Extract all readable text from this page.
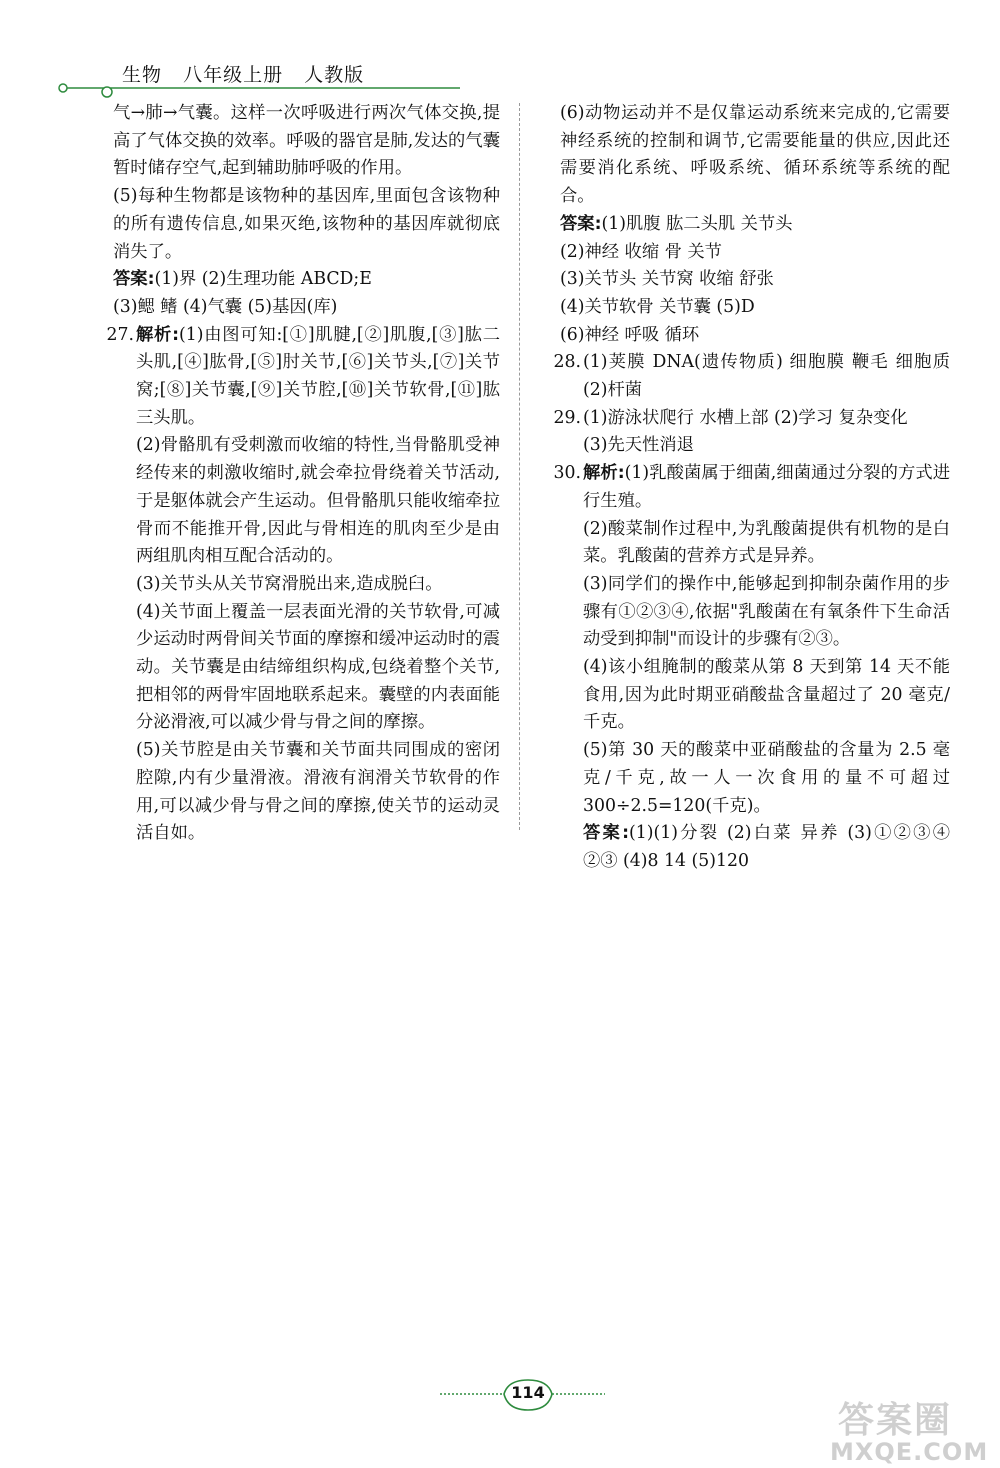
生物 八年级上册 人教版

气→肺→气囊。这样一次呼吸进行两次气体交换,提高了气体交换的效率。呼吸的器官是肺,发达的气囊暂时储存空气,起到辅助肺呼吸的作用。

(5)每种生物都是该物种的基因库,里面包含该物种的所有遗传信息,如果灭绝,该物种的基因库就彻底消失了。

答案:(1)界 (2)生理功能 ABCD;E

(3)鳃 鳍 (4)气囊 (5)基因(库)

27. 解析:(1)由图可知:[①]肌腱,[②]肌腹,[③]肱二头肌,[④]肱骨,[⑤]肘关节,[⑥]关节头,[⑦]关节窝;[⑧]关节囊,[⑨]关节腔,[⑩]关节软骨,[⑪]肱三头肌。

(2)骨骼肌有受刺激而收缩的特性,当骨骼肌受神经传来的刺激收缩时,就会牵拉骨绕着关节活动,于是躯体就会产生运动。但骨骼肌只能收缩牵拉骨而不能推开骨,因此与骨相连的肌肉至少是由两组肌肉相互配合活动的。

(3)关节头从关节窝滑脱出来,造成脱臼。

(4)关节面上覆盖一层表面光滑的关节软骨,可减少运动时两骨间关节面的摩擦和缓冲运动时的震动。关节囊是由结缔组织构成,包绕着整个关节,把相邻的两骨牢固地联系起来。囊壁的内表面能分泌滑液,可以减少骨与骨之间的摩擦。

(5)关节腔是由关节囊和关节面共同围成的密闭腔隙,内有少量滑液。滑液有润滑关节软骨的作用,可以减少骨与骨之间的摩擦,使关节的运动灵活自如。

(6)动物运动并不是仅靠运动系统来完成的,它需要神经系统的控制和调节,它需要能量的供应,因此还需要消化系统、呼吸系统、循环系统等系统的配合。

答案:(1)肌腹 肱二头肌 关节头

(2)神经 收缩 骨 关节

(3)关节头 关节窝 收缩 舒张

(4)关节软骨 关节囊 (5)D

(6)神经 呼吸 循环

28. (1)荚膜 DNA(遗传物质) 细胞膜 鞭毛 细胞质 (2)杆菌

29. (1)游泳状爬行 水槽上部 (2)学习 复杂变化

(3)先天性消退

30. 解析:(1)乳酸菌属于细菌,细菌通过分裂的方式进行生殖。

(2)酸菜制作过程中,为乳酸菌提供有机物的是白菜。乳酸菌的营养方式是异养。

(3)同学们的操作中,能够起到抑制杂菌作用的步骤有①②③④,依据"乳酸菌在有氧条件下生命活动受到抑制"而设计的步骤有②③。

(4)该小组腌制的酸菜从第 8 天到第 14 天不能食用,因为此时期亚硝酸盐含量超过了 20 毫克/千克。

(5)第 30 天的酸菜中亚硝酸盐的含量为 2.5 毫克/千克,故一人一次食用的量不可超过 300÷2.5=120(千克)。

答案:(1)(1)分裂 (2)白菜 异养 (3)①②③④ ②③ (4)8 14 (5)120

114
答案圈
MXQE.COM
